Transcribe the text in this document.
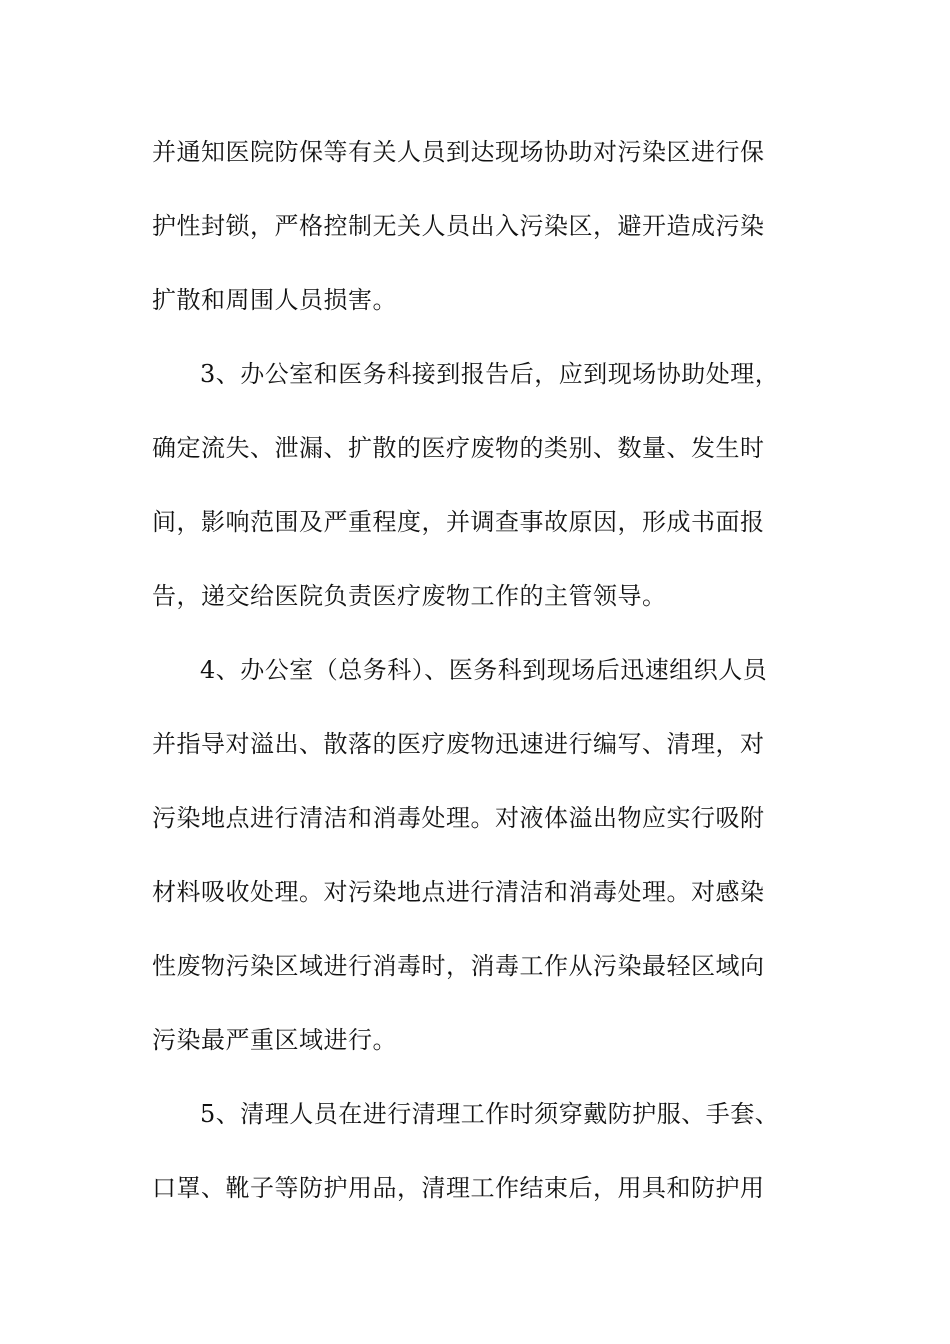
并通知医院防保等有关人员到达现场协助对污染区进行保
护性封锁，严格控制无关人员出入污染区，避开造成污染
扩散和周围人员损害。
3、办公室和医务科接到报告后，应到现场协助处理，
确定流失、泄漏、扩散的医疗废物的类别、数量、发生时
间，影响范围及严重程度，并调查事故原因，形成书面报
告，递交给医院负责医疗废物工作的主管领导。
4、办公室（总务科）、医务科到现场后迅速组织人员
并指导对溢出、散落的医疗废物迅速进行编写、清理，对
污染地点进行清洁和消毒处理。对液体溢出物应实行吸附
材料吸收处理。对污染地点进行清洁和消毒处理。对感染
性废物污染区域进行消毒时，消毒工作从污染最轻区域向
污染最严重区域进行。
5、清理人员在进行清理工作时须穿戴防护服、手套、
口罩、靴子等防护用品，清理工作结束后，用具和防护用
